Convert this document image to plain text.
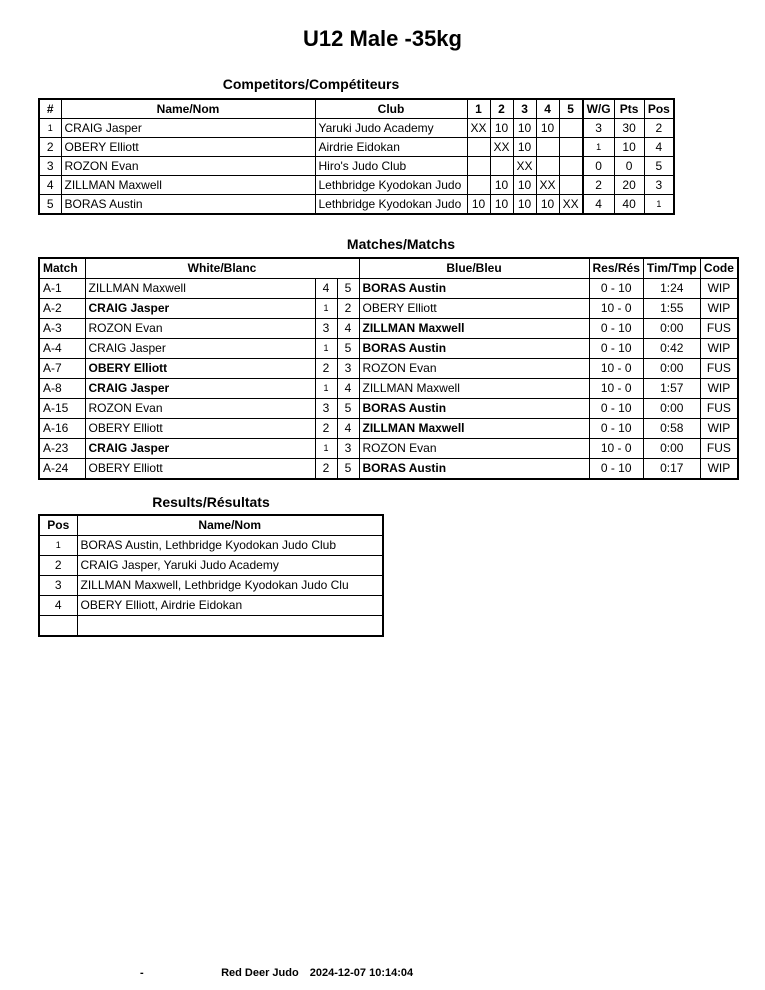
U12 Male -35kg
Competitors/Compétiteurs
#	Name/Nom	Club	1	2	3	4	5	W/G	Pts	Pos
1	CRAIG Jasper	Yaruki Judo Academy	XX	10	10	10		3	30	2
2	OBERY Elliott	Airdrie Eidokan		XX	10			1	10	4
3	ROZON Evan	Hiro's Judo Club			XX			0	0	5
4	ZILLMAN Maxwell	Lethbridge Kyodokan Judo		10	10	XX		2	20	3
5	BORAS Austin	Lethbridge Kyodokan Judo	10	10	10	10	XX	4	40	1
Matches/Matchs
Match	White/Blanc			Blue/Bleu	Res/Rés	Tim/Tmp	Code
A-1	ZILLMAN Maxwell	4	5	BORAS Austin	0 - 10	1:24	WIP
A-2	CRAIG Jasper	1	2	OBERY Elliott	10 - 0	1:55	WIP
A-3	ROZON Evan	3	4	ZILLMAN Maxwell	0 - 10	0:00	FUS
A-4	CRAIG Jasper	1	5	BORAS Austin	0 - 10	0:42	WIP
A-7	OBERY Elliott	2	3	ROZON Evan	10 - 0	0:00	FUS
A-8	CRAIG Jasper	1	4	ZILLMAN Maxwell	10 - 0	1:57	WIP
A-15	ROZON Evan	3	5	BORAS Austin	0 - 10	0:00	FUS
A-16	OBERY Elliott	2	4	ZILLMAN Maxwell	0 - 10	0:58	WIP
A-23	CRAIG Jasper	1	3	ROZON Evan	10 - 0	0:00	FUS
A-24	OBERY Elliott	2	5	BORAS Austin	0 - 10	0:17	WIP
Results/Résultats
Pos	Name/Nom
1	BORAS Austin, Lethbridge Kyodokan Judo Club
2	CRAIG Jasper, Yaruki Judo Academy
3	ZILLMAN Maxwell, Lethbridge Kyodokan Judo Clu
4	OBERY Elliott, Airdrie Eidokan

-	Red Deer Judo 2024-12-07 10:14:04
